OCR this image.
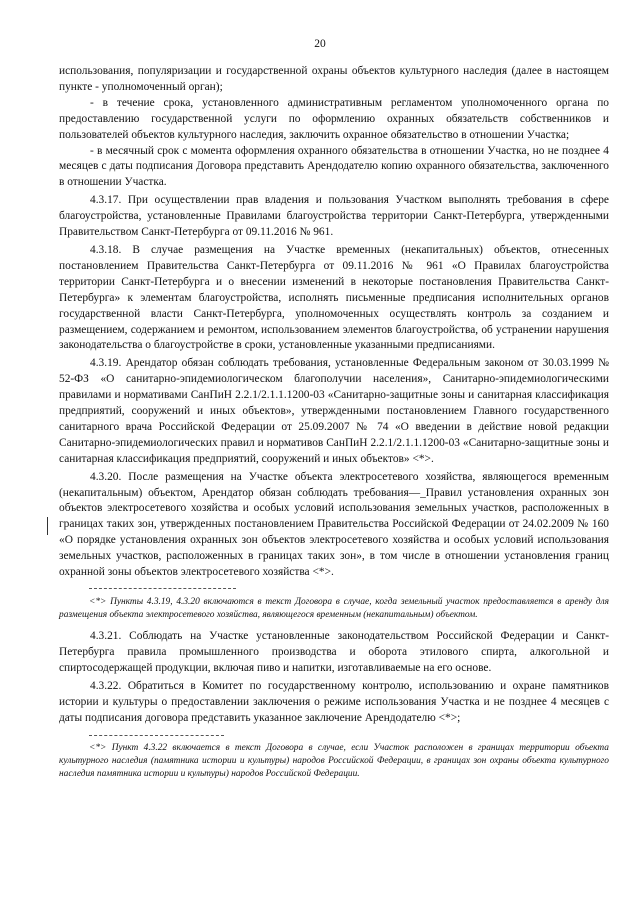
20

использования, популяризации и государственной охраны объектов культурного наследия (далее в настоящем пункте - уполномоченный орган);

- в течение срока, установленного административным регламентом уполномоченного органа по предоставлению государственной услуги по оформлению охранных обязательств собственников и пользователей объектов культурного наследия, заключить охранное обязательство в отношении Участка;

- в месячный срок с момента оформления охранного обязательства в отношении Участка, но не позднее 4 месяцев с даты подписания Договора представить Арендодателю копию охранного обязательства, заключенного в отношении Участка.

4.3.17. При осуществлении прав владения и пользования Участком выполнять требования в сфере благоустройства, установленные Правилами благоустройства территории Санкт-Петербурга, утвержденными Правительством Санкт-Петербурга от 09.11.2016 № 961.

4.3.18. В случае размещения на Участке временных (некапитальных) объектов, отнесенных постановлением Правительства Санкт-Петербурга от 09.11.2016 № 961 «О Правилах благоустройства территории Санкт-Петербурга и о внесении изменений в некоторые постановления Правительства Санкт-Петербурга» к элементам благоустройства, исполнять письменные предписания исполнительных органов государственной власти Санкт-Петербурга, уполномоченных осуществлять контроль за созданием и размещением, содержанием и ремонтом, использованием элементов благоустройства, об устранении нарушения законодательства о благоустройстве в сроки, установленные указанными предписаниями.

4.3.19. Арендатор обязан соблюдать требования, установленные Федеральным законом от 30.03.1999 № 52-ФЗ «О санитарно-эпидемиологическом благополучии населения», Санитарно-эпидемиологическими правилами и нормативами СанПиН 2.2.1/2.1.1.1200-03 «Санитарно-защитные зоны и санитарная классификация предприятий, сооружений и иных объектов», утвержденными постановлением Главного государственного санитарного врача Российской Федерации от 25.09.2007 № 74 «О введении в действие новой редакции Санитарно-эпидемиологических правил и нормативов СанПиН 2.2.1/2.1.1.1200-03 «Санитарно-защитные зоны и санитарная классификация предприятий, сооружений и иных объектов» <*>.

4.3.20. После размещения на Участке объекта электросетевого хозяйства, являющегося временным (некапитальным) объектом, Арендатор обязан соблюдать требования—_Правил установления охранных зон объектов электросетевого хозяйства и особых условий использования земельных участков, расположенных в границах таких зон, утвержденных постановлением Правительства Российской Федерации от 24.02.2009 № 160 «О порядке установления охранных зон объектов электросетевого хозяйства и особых условий использования земельных участков, расположенных в границах таких зон», в том числе в отношении установления границ охранной зоны объектов электросетевого хозяйства <*>.

<*> Пункты 4.3.19, 4.3.20 включаются в текст Договора в случае, когда земельный участок предоставляется в аренду для размещения объекта электросетевого хозяйства, являющегося временным (некапитальным) объектом.

4.3.21. Соблюдать на Участке установленные законодательством Российской Федерации и Санкт-Петербурга правила промышленного производства и оборота этилового спирта, алкогольной и спиртосодержащей продукции, включая пиво и напитки, изготавливаемые на его основе.

4.3.22. Обратиться в Комитет по государственному контролю, использованию и охране памятников истории и культуры о предоставлении заключения о режиме использования Участка и не позднее 4 месяцев с даты подписания договора представить указанное заключение Арендодателю <*>;

<*> Пункт 4.3.22 включается в текст Договора в случае, если Участок расположен в границах территории объекта культурного наследия (памятника истории и культуры) народов Российской Федерации, в границах зон охраны объекта культурного наследия памятника истории и культуры) народов Российской Федерации.
